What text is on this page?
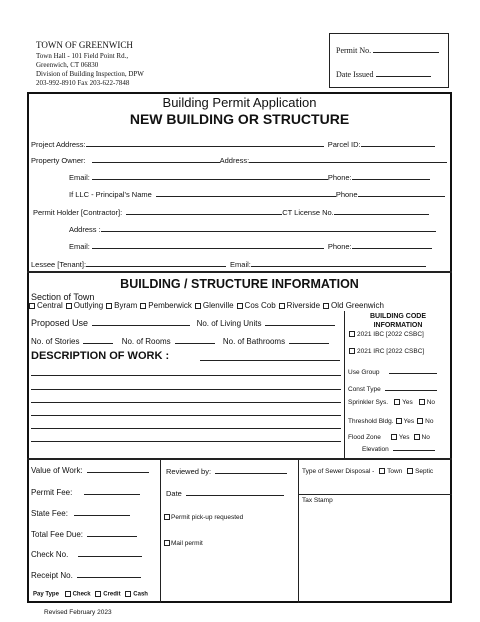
TOWN OF GREENWICH
Town Hall - 101 Field Point Rd.,
Greenwich, CT 06830
Division of Building Inspection, DPW
203-992-8910 Fax 203-622-7848
Permit No.
Date Issued
Building Permit Application
NEW BUILDING OR STRUCTURE
Project Address:	Parcel ID:
Property Owner:	Address:
Email:	Phone:
If LLC - Principal’s Name	Phone
Permit Holder [Contractor]:	CT License No.
Address :
Email:	Phone:
Lessee [Tenant]:	Email:
BUILDING / STRUCTURE INFORMATION
Section of Town
Central Outlying Byram Pemberwick Glenville Cos Cob Riverside Old Greenwich
Proposed Use	No. of Living Units
No. of Stories	No. of Rooms	No. of Bathrooms
DESCRIPTION OF WORK :
BUILDING CODE INFORMATION
2021 IBC [2022 CSBC]
2021 IRC [2022 CSBC]
Use Group
Const Type
Sprinkler Sys. Yes No
Threshold Bldg. Yes No
Flood Zone	Yes No
Elevation
Value of Work:
Permit Fee:
State Fee:
Total Fee Due:
Check No.
Receipt No.
Pay Type Check Credit Cash
Reviewed by:
Date
Permit pick-up requested
Mail permit
Type of Sewer Disposal - Town Septic
Tax Stamp
Revised February 2023
